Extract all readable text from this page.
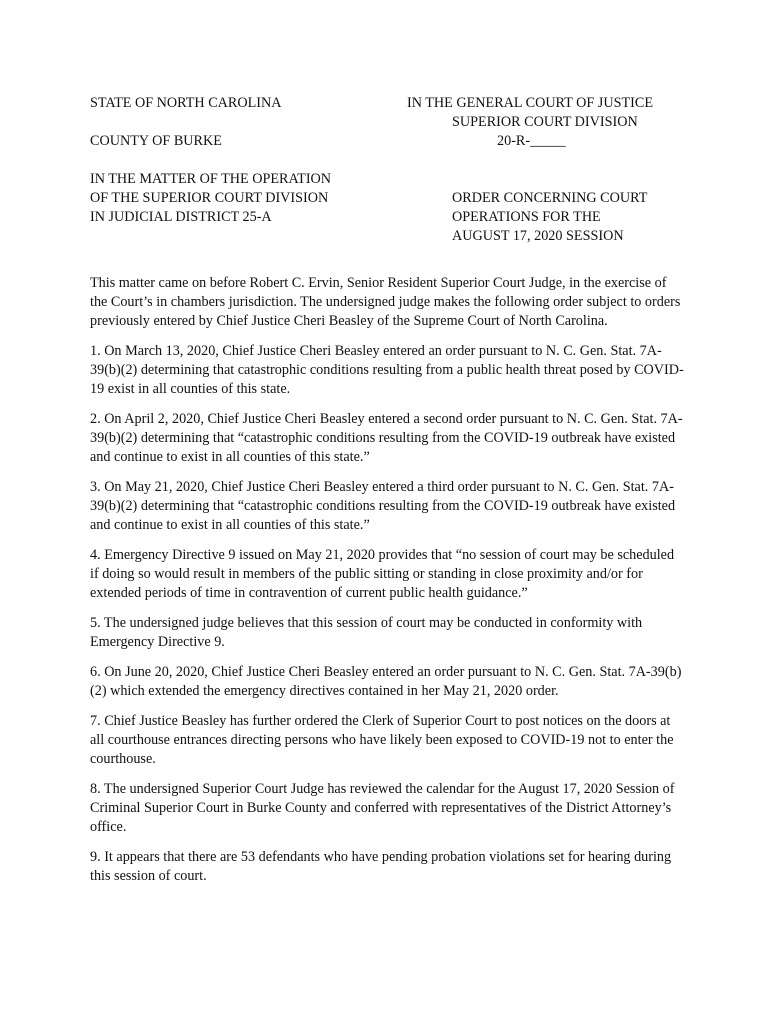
STATE OF NORTH CAROLINA	IN THE GENERAL COURT OF JUSTICE
SUPERIOR COURT DIVISION
COUNTY OF BURKE	20-R-_____
IN THE MATTER OF THE OPERATION
OF THE SUPERIOR COURT DIVISION
IN JUDICIAL DISTRICT 25-A
ORDER CONCERNING COURT
OPERATIONS FOR THE
AUGUST 17, 2020 SESSION

This matter came on before Robert C. Ervin, Senior Resident Superior Court Judge, in the exercise of the Court’s in chambers jurisdiction. The undersigned judge makes the following order subject to orders previously entered by Chief Justice Cheri Beasley of the Supreme Court of North Carolina.

1. On March 13, 2020, Chief Justice Cheri Beasley entered an order pursuant to N. C. Gen. Stat. 7A-39(b)(2) determining that catastrophic conditions resulting from a public health threat posed by COVID-19 exist in all counties of this state.

2. On April 2, 2020, Chief Justice Cheri Beasley entered a second order pursuant to N. C. Gen. Stat. 7A-39(b)(2) determining that “catastrophic conditions resulting from the COVID-19 outbreak have existed and continue to exist in all counties of this state.”

3. On May 21, 2020, Chief Justice Cheri Beasley entered a third order pursuant to N. C. Gen. Stat. 7A-39(b)(2) determining that “catastrophic conditions resulting from the COVID-19 outbreak have existed and continue to exist in all counties of this state.”

4. Emergency Directive 9 issued on May 21, 2020 provides that “no session of court may be scheduled if doing so would result in members of the public sitting or standing in close proximity and/or for extended periods of time in contravention of current public health guidance.”

5. The undersigned judge believes that this session of court may be conducted in conformity with Emergency Directive 9.

6. On June 20, 2020, Chief Justice Cheri Beasley entered an order pursuant to N. C. Gen. Stat. 7A-39(b)(2) which extended the emergency directives contained in her May 21, 2020 order.

7. Chief Justice Beasley has further ordered the Clerk of Superior Court to post notices on the doors at all courthouse entrances directing persons who have likely been exposed to COVID-19 not to enter the courthouse.

8. The undersigned Superior Court Judge has reviewed the calendar for the August 17, 2020 Session of Criminal Superior Court in Burke County and conferred with representatives of the District Attorney’s office.

9. It appears that there are 53 defendants who have pending probation violations set for hearing during this session of court.
